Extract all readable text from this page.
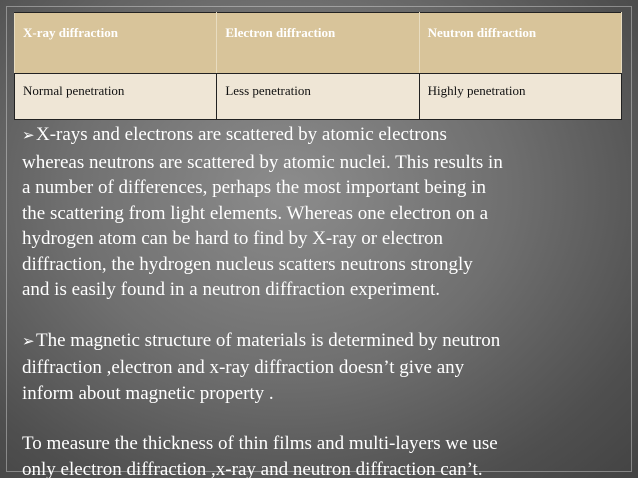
X-ray diffraction	Electron diffraction	Neutron diffraction
Normal penetration	Less penetration	Highly penetration
➢X-rays and electrons are scattered by atomic electrons
whereas neutrons are scattered by atomic nuclei. This results in
a number of differences, perhaps the most important being in
the scattering from light elements. Whereas one electron on a
hydrogen atom can be hard to find by X-ray or electron
diffraction, the hydrogen nucleus scatters neutrons strongly
and is easily found in a neutron diffraction experiment.
➢The magnetic structure of materials is determined by neutron
diffraction ,electron and x-ray diffraction doesn’t give any
inform about magnetic property .
To measure the thickness of thin films and multi-layers we use
only electron diffraction ,x-ray and neutron diffraction can’t.
